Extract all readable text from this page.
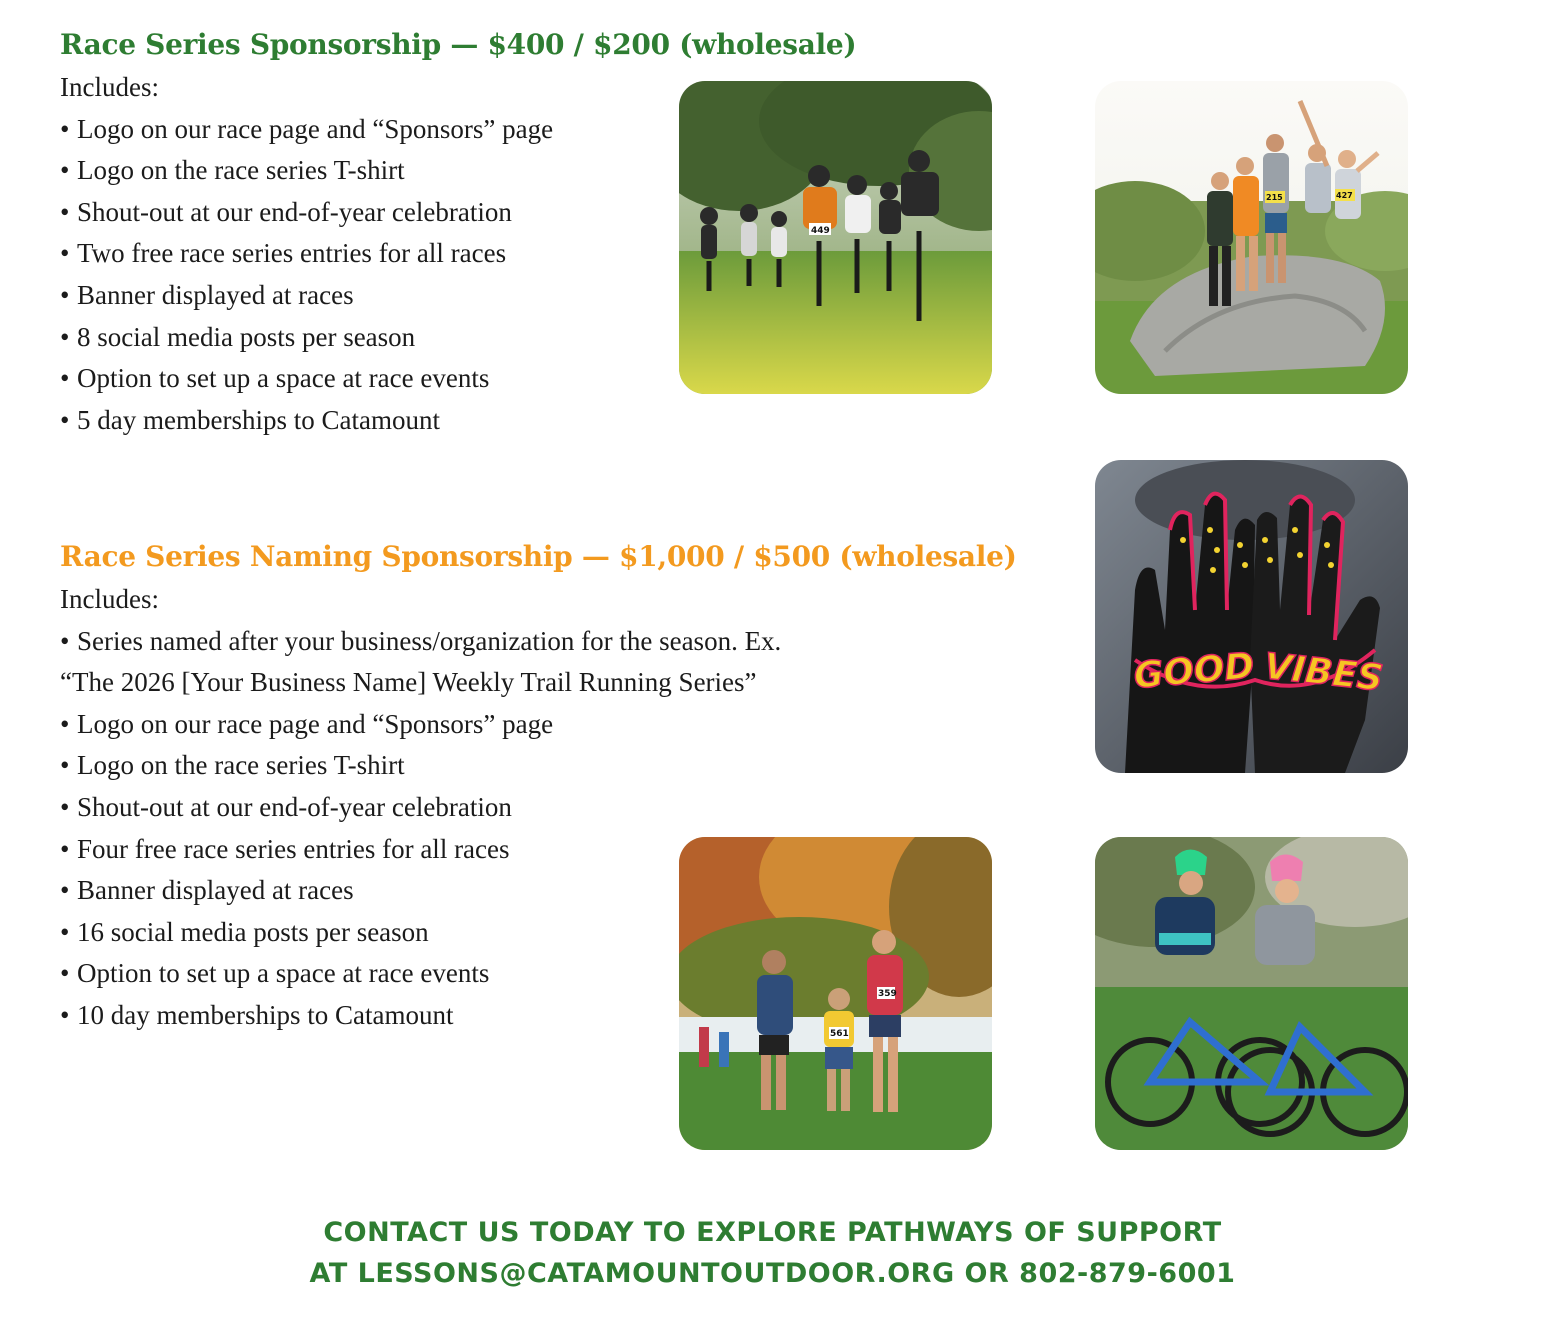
Race Series Sponsorship — $400 / $200 (wholesale)
Includes:
• Logo on our race page and “Sponsors” page
• Logo on the race series T-shirt
• Shout-out at our end-of-year celebration
• Two free race series entries for all races
• Banner displayed at races
• 8 social media posts per season
• Option to set up a space at race events
• 5 day memberships to Catamount
Race Series Naming Sponsorship — $1,000 / $500 (wholesale)
Includes:
• Series named after your business/organization for the season. Ex.
“The 2026 [Your Business Name] Weekly Trail Running Series”
• Logo on our race page and “Sponsors” page
• Logo on the race series T-shirt
• Shout-out at our end-of-year celebration
• Four free race series entries for all races
• Banner displayed at races
• 16 social media posts per season
• Option to set up a space at race events
• 10 day memberships to Catamount
449
215	427
GOOD VIBES
561
359
CONTACT US TODAY TO EXPLORE PATHWAYS OF SUPPORT
AT LESSONS@CATAMOUNTOUTDOOR.ORG OR 802-879-6001
